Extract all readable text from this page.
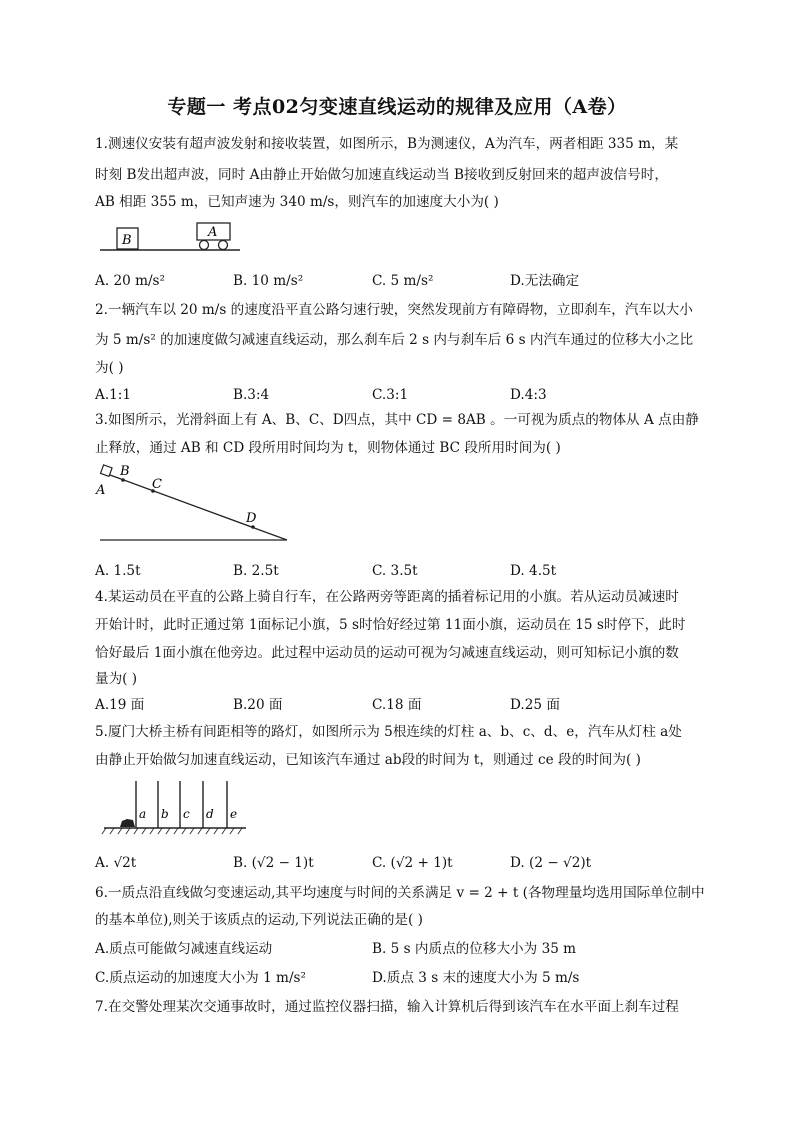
专题一 考点02匀变速直线运动的规律及应用（A卷）
1.测速仪安装有超声波发射和接收装置，如图所示，B为测速仪，A为汽车，两者相距 335 m，某
时刻 B发出超声波，同时 A由静止开始做匀加速直线运动当 B接收到反射回来的超声波信号时，
AB 相距 355 m，已知声速为 340 m/s，则汽车的加速度大小为( )
B
A
A. 20 m/s²	B. 10 m/s²	C. 5 m/s²	D.无法确定
2.一辆汽车以 20 m/s 的速度沿平直公路匀速行驶，突然发现前方有障碍物，立即刹车，汽车以大小
为 5 m/s² 的加速度做匀减速直线运动，那么刹车后 2 s 内与刹车后 6 s 内汽车通过的位移大小之比
为( )
A.1:1	B.3:4	C.3:1	D.4:3
3.如图所示，光滑斜面上有 A、B、C、D四点，其中 CD = 8AB 。一可视为质点的物体从 A 点由静
止释放，通过 AB 和 CD 段所用时间均为 t，则物体通过 BC 段所用时间为( )
A
B
C
D
A. 1.5t	B. 2.5t	C. 3.5t	D. 4.5t
4.某运动员在平直的公路上骑自行车，在公路两旁等距离的插着标记用的小旗。若从运动员减速时
开始计时，此时正通过第 1面标记小旗，5 s时恰好经过第 11面小旗，运动员在 15 s时停下，此时
恰好最后 1面小旗在他旁边。此过程中运动员的运动可视为匀减速直线运动，则可知标记小旗的数
量为( )
A.19 面	B.20 面	C.18 面	D.25 面
5.厦门大桥主桥有间距相等的路灯，如图所示为 5根连续的灯柱 a、b、c、d、e，汽车从灯柱 a处
由静止开始做匀加速直线运动，已知该汽车通过 ab段的时间为 t，则通过 ce 段的时间为( )
a b c d e
A. √2t	B. (√2 − 1)t	C. (√2 + 1)t	D. (2 − √2)t
6.一质点沿直线做匀变速运动,其平均速度与时间的关系满足 v = 2 + t (各物理量均选用国际单位制中
的基本单位),则关于该质点的运动,下列说法正确的是( )
A.质点可能做匀减速直线运动	B. 5 s 内质点的位移大小为 35 m
C.质点运动的加速度大小为 1 m/s²	D.质点 3 s 末的速度大小为 5 m/s
7.在交警处理某次交通事故时，通过监控仪器扫描，输入计算机后得到该汽车在水平面上刹车过程
